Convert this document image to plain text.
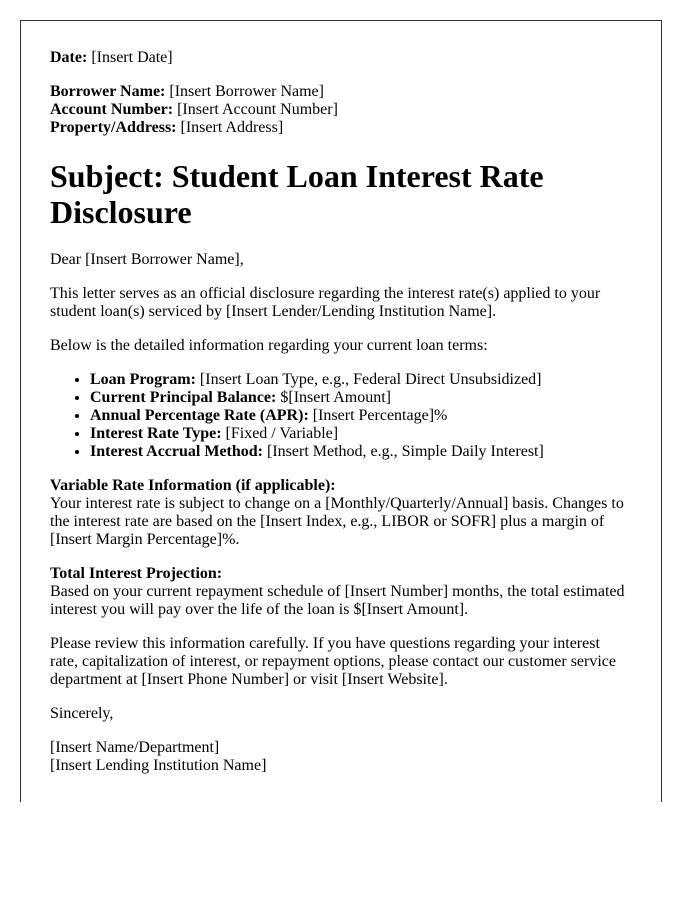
Date: [Insert Date]

Borrower Name: [Insert Borrower Name]
Account Number: [Insert Account Number]
Property/Address: [Insert Address]

Subject: Student Loan Interest Rate Disclosure

Dear [Insert Borrower Name],

This letter serves as an official disclosure regarding the interest rate(s) applied to your student loan(s) serviced by [Insert Lender/Lending Institution Name].

Below is the detailed information regarding your current loan terms:

• Loan Program: [Insert Loan Type, e.g., Federal Direct Unsubsidized]
• Current Principal Balance: $[Insert Amount]
• Annual Percentage Rate (APR): [Insert Percentage]%
• Interest Rate Type: [Fixed / Variable]
• Interest Accrual Method: [Insert Method, e.g., Simple Daily Interest]

Variable Rate Information (if applicable):
Your interest rate is subject to change on a [Monthly/Quarterly/Annual] basis. Changes to the interest rate are based on the [Insert Index, e.g., LIBOR or SOFR] plus a margin of [Insert Margin Percentage]%.

Total Interest Projection:
Based on your current repayment schedule of [Insert Number] months, the total estimated interest you will pay over the life of the loan is $[Insert Amount].

Please review this information carefully. If you have questions regarding your interest rate, capitalization of interest, or repayment options, please contact our customer service department at [Insert Phone Number] or visit [Insert Website].

Sincerely,

[Insert Name/Department]
[Insert Lending Institution Name]
